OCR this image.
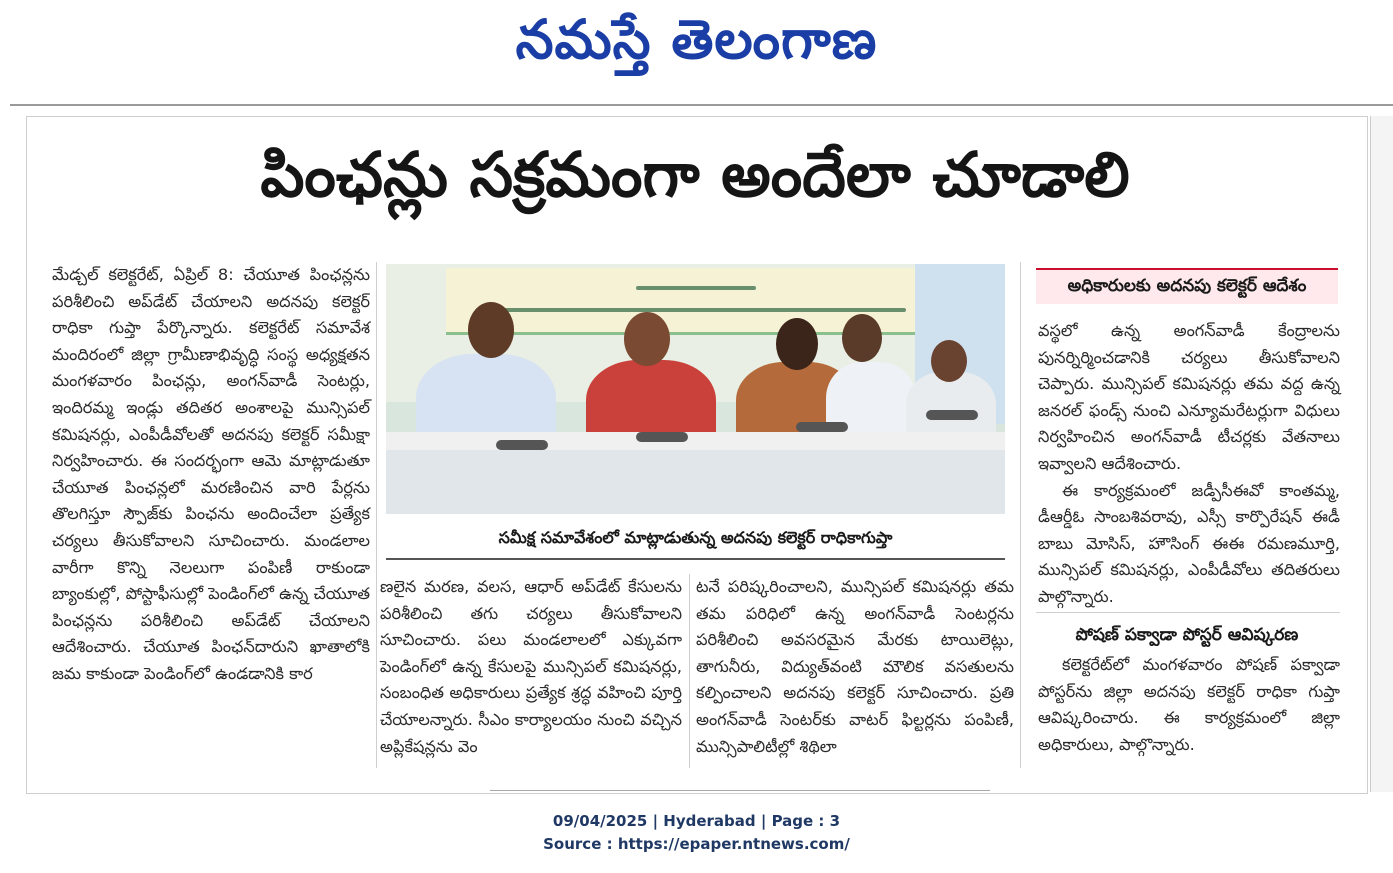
నమస్తే తెలంగాణ
పింఛన్లు సక్రమంగా అందేలా చూడాలి

మేడ్చల్ కలెక్టరేట్, ఏప్రిల్ 8: చేయూత పింఛన్లను పరిశీలించి అప్‌డేట్ చేయాలని అదనపు కలెక్టర్ రాధికా గుప్తా పేర్కొన్నారు. కలెక్టరేట్ సమావేశ మందిరంలో జిల్లా గ్రామీణాభివృద్ధి సంస్థ అధ్యక్షతన మంగళవారం పింఛన్లు, అంగన్‌వాడీ సెంటర్లు, ఇందిరమ్మ ఇండ్లు తదితర అంశాలపై మున్సిపల్ కమిషనర్లు, ఎంపీడీవోలతో అదనపు కలెక్టర్ సమీక్షా నిర్వహించారు. ఈ సందర్భంగా ఆమె మాట్లాడుతూ చేయూత పింఛన్లలో మరణించిన వారి పేర్లను తొలగిస్తూ స్పౌజ్‌కు పింఛను అందించేలా ప్రత్యేక చర్యలు తీసుకోవాలని సూచించారు. మండలాల వారీగా కొన్ని నెలలుగా పంపిణీ రాకుండా బ్యాంకుల్లో, పోస్టాఫీసుల్లో పెండింగ్‌లో ఉన్న చేయూత పింఛన్లను పరిశీలించి అప్‌డేట్ చేయాలని ఆదేశించారు. చేయూత పింఛన్‌దారుని ఖాతాలోకి జమ కాకుండా పెండింగ్‌లో ఉండడానికి కార

సమీక్ష సమావేశంలో మాట్లాడుతున్న అదనపు కలెక్టర్ రాధికాగుప్తా

ణలైన మరణ, వలస, ఆధార్ అప్‌డేట్ కేసులను పరిశీలించి తగు చర్యలు తీసుకోవాలని సూచించారు. పలు మండలాలలో ఎక్కువగా పెండింగ్‌లో ఉన్న కేసులపై మున్సిపల్ కమిషనర్లు, సంబంధిత అధికారులు ప్రత్యేక శ్రద్ధ వహించి పూర్తి చేయాలన్నారు. సీఎం కార్యాలయం నుంచి వచ్చిన అప్లికేషన్లను వెం

టనే పరిష్కరించాలని, మున్సిపల్ కమిషనర్లు తమ తమ పరిధిలో ఉన్న అంగన్‌వాడీ సెంటర్లను పరిశీలించి అవసరమైన మేరకు టాయిలెట్లు, తాగునీరు, విద్యుత్‌వంటి మౌలిక వసతులను కల్పించాలని అదనపు కలెక్టర్ సూచించారు. ప్రతి అంగన్‌వాడీ సెంటర్‌కు వాటర్ ఫిల్టర్లను పంపిణీ, మున్సిపాలిటీల్లో శిథిలా

అధికారులకు అదనపు కలెక్టర్ ఆదేశం

వస్థలో ఉన్న అంగన్‌వాడీ కేంద్రాలను పునర్నిర్మించడానికి చర్యలు తీసుకోవాలని చెప్పారు. మున్సిపల్ కమిషనర్లు తమ వద్ద ఉన్న జనరల్ ఫండ్స్ నుంచి ఎన్యూమరేటర్లుగా విధులు నిర్వహించిన అంగన్‌వాడీ టీచర్లకు వేతనాలు ఇవ్వాలని ఆదేశించారు.

ఈ కార్యక్రమంలో జడ్పీసీఈవో కాంతమ్మ, డీఆర్డీఓ సాంబశివరావు, ఎస్సీ కార్పొరేషన్ ఈడీ బాబు మోసిస్, హౌసింగ్ ఈఈ రమణమూర్తి, మున్సిపల్ కమిషనర్లు, ఎంపీడీవోలు తదితరులు పాల్గొన్నారు.

పోషణ్ పక్వాడా పోస్టర్ ఆవిష్కరణ

కలెక్టరేట్‌లో మంగళవారం పోషణ్ పక్వాడా పోస్టర్‌ను జిల్లా అదనపు కలెక్టర్ రాధికా గుప్తా ఆవిష్కరించారు. ఈ కార్యక్రమంలో జిల్లా అధికారులు, పాల్గొన్నారు.

09/04/2025 | Hyderabad | Page : 3
Source : https://epaper.ntnews.com/
